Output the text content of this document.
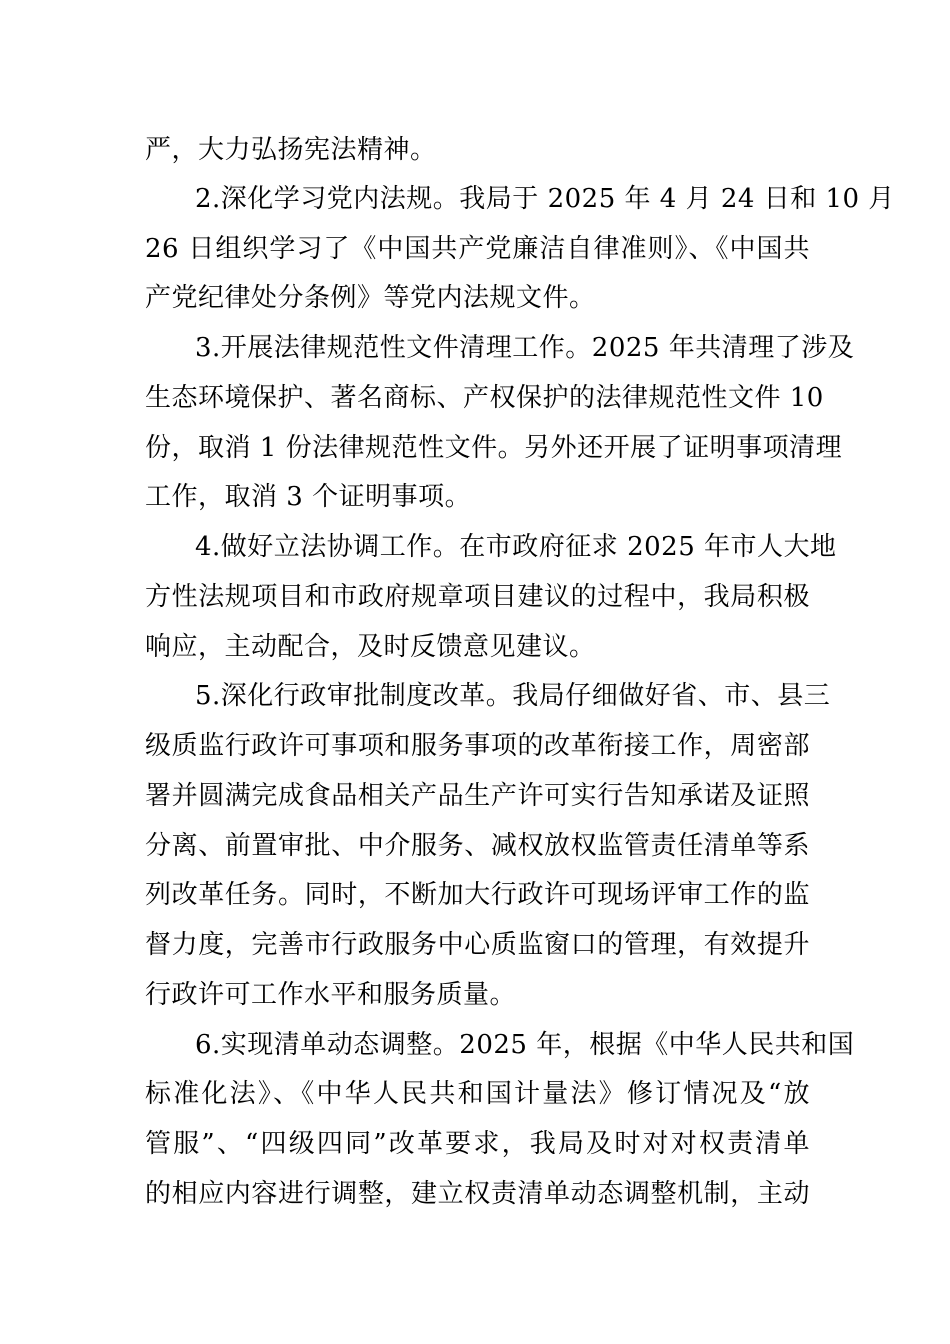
严，大力弘扬宪法精神。
2.深化学习党内法规。我局于 2025 年 4 月 24 日和 10 月
26 日组织学习了《中国共产党廉洁自律准则》、《中国共
产党纪律处分条例》等党内法规文件。
3.开展法律规范性文件清理工作。2025 年共清理了涉及
生态环境保护、著名商标、产权保护的法律规范性文件 10
份，取消 1 份法律规范性文件。另外还开展了证明事项清理
工作，取消 3 个证明事项。
4.做好立法协调工作。在市政府征求 2025 年市人大地
方性法规项目和市政府规章项目建议的过程中，我局积极
响应，主动配合，及时反馈意见建议。
5.深化行政审批制度改革。我局仔细做好省、市、县三
级质监行政许可事项和服务事项的改革衔接工作，周密部
署并圆满完成食品相关产品生产许可实行告知承诺及证照
分离、前置审批、中介服务、减权放权监管责任清单等系
列改革任务。同时，不断加大行政许可现场评审工作的监
督力度，完善市行政服务中心质监窗口的管理，有效提升
行政许可工作水平和服务质量。
6.实现清单动态调整。2025 年，根据《中华人民共和国
标准化法》、《中华人民共和国计量法》修订情况及“放
管服”、“四级四同”改革要求，我局及时对对权责清单
的相应内容进行调整，建立权责清单动态调整机制，主动
